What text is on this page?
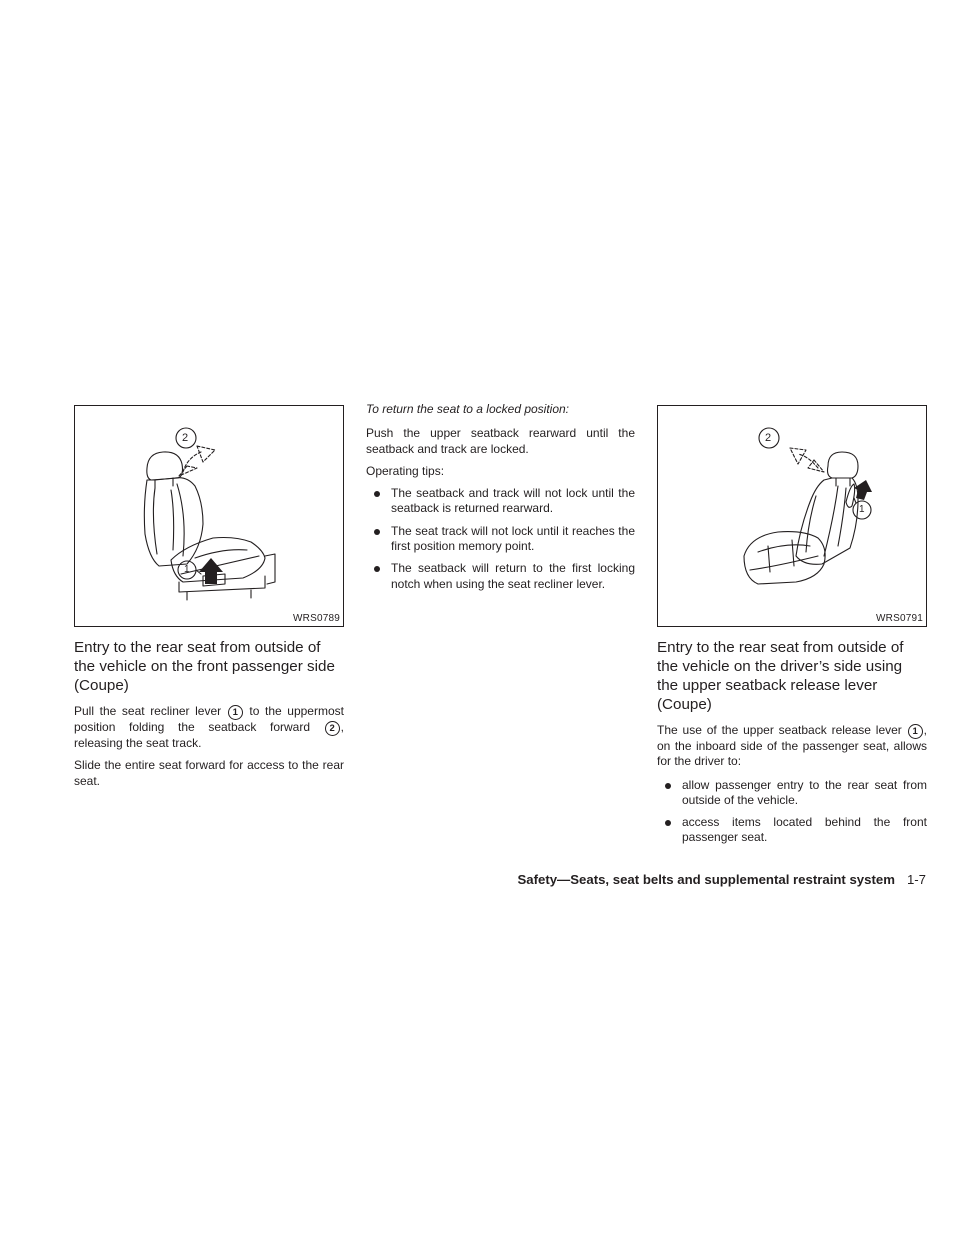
2
1
WRS0789
Entry to the rear seat from outside of the vehicle on the front passenger side (Coupe)

Pull the seat recliner lever 1 to the uppermost position folding the seatback forward 2 , releasing the seat track.

Slide the entire seat forward for access to the rear seat.

To return the seat to a locked position:

Push the upper seatback rearward until the seatback and track are locked.

Operating tips:

The seatback and track will not lock until the seatback is returned rearward.
The seat track will not lock until it reaches the first position memory point.
The seatback will return to the first locking notch when using the seat recliner lever.
2
1
WRS0791
Entry to the rear seat from outside of the vehicle on the driver’s side using the upper seatback release lever (Coupe)

The use of the upper seatback release lever 1 , on the inboard side of the passenger seat, allows for the driver to:

allow passenger entry to the rear seat from outside of the vehicle.
access items located behind the front passenger seat.
Safety—Seats, seat belts and supplemental restraint system 1-7
